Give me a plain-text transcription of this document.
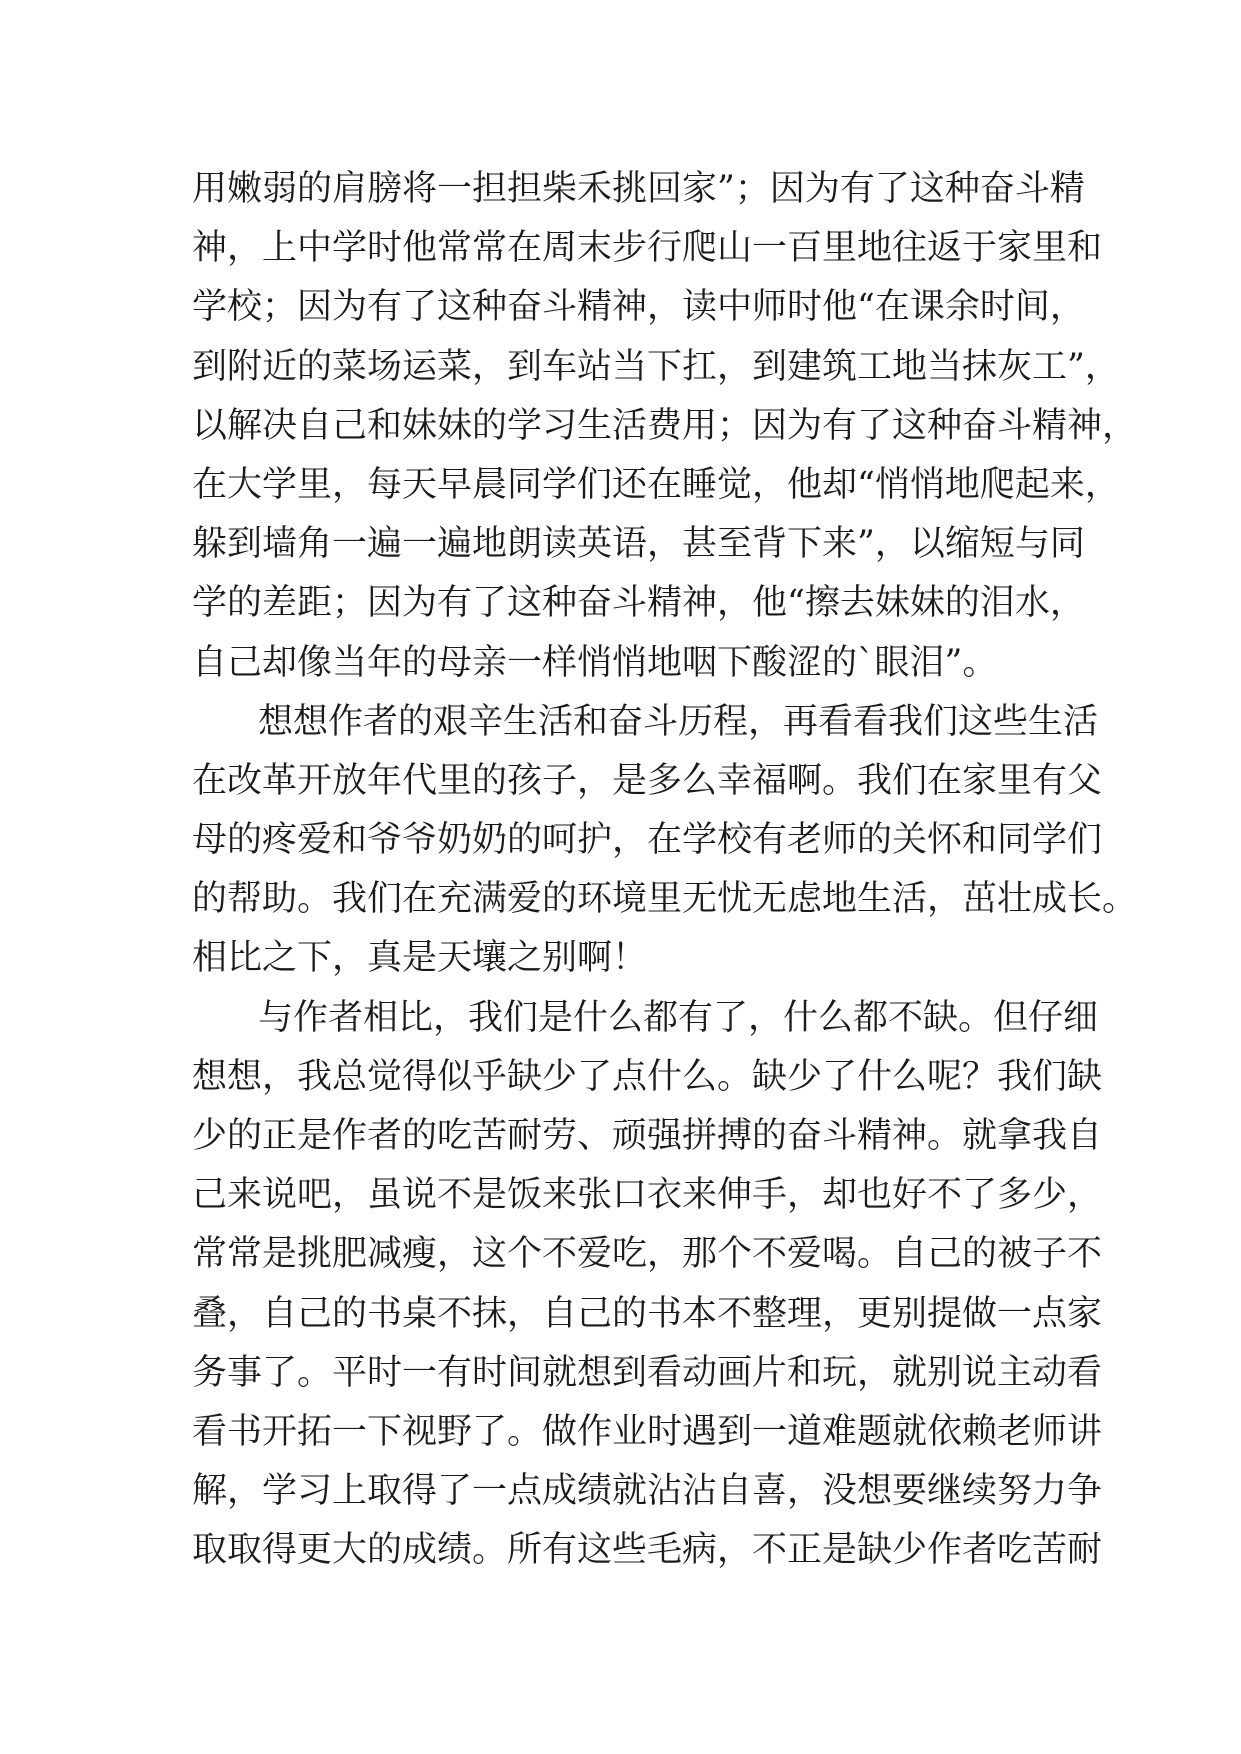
用嫩弱的肩膀将一担担柴禾挑回家”；因为有了这种奋斗精
神，上中学时他常常在周末步行爬山一百里地往返于家里和
学校；因为有了这种奋斗精神，读中师时他“在课余时间，
到附近的菜场运菜，到车站当下扛，到建筑工地当抹灰工”，
以解决自己和妹妹的学习生活费用；因为有了这种奋斗精神，
在大学里，每天早晨同学们还在睡觉，他却“悄悄地爬起来，
躲到墙角一遍一遍地朗读英语，甚至背下来”，以缩短与同
学的差距；因为有了这种奋斗精神，他“擦去妹妹的泪水，
自己却像当年的母亲一样悄悄地咽下酸涩的`眼泪”。
想想作者的艰辛生活和奋斗历程，再看看我们这些生活
在改革开放年代里的孩子，是多么幸福啊。我们在家里有父
母的疼爱和爷爷奶奶的呵护，在学校有老师的关怀和同学们
的帮助。我们在充满爱的环境里无忧无虑地生活，茁壮成长。
相比之下，真是天壤之别啊！
与作者相比，我们是什么都有了，什么都不缺。但仔细
想想，我总觉得似乎缺少了点什么。缺少了什么呢？我们缺
少的正是作者的吃苦耐劳、顽强拼搏的奋斗精神。就拿我自
己来说吧，虽说不是饭来张口衣来伸手，却也好不了多少，
常常是挑肥减瘦，这个不爱吃，那个不爱喝。自己的被子不
叠，自己的书桌不抹，自己的书本不整理，更别提做一点家
务事了。平时一有时间就想到看动画片和玩，就别说主动看
看书开拓一下视野了。做作业时遇到一道难题就依赖老师讲
解，学习上取得了一点成绩就沾沾自喜，没想要继续努力争
取取得更大的成绩。所有这些毛病，不正是缺少作者吃苦耐
